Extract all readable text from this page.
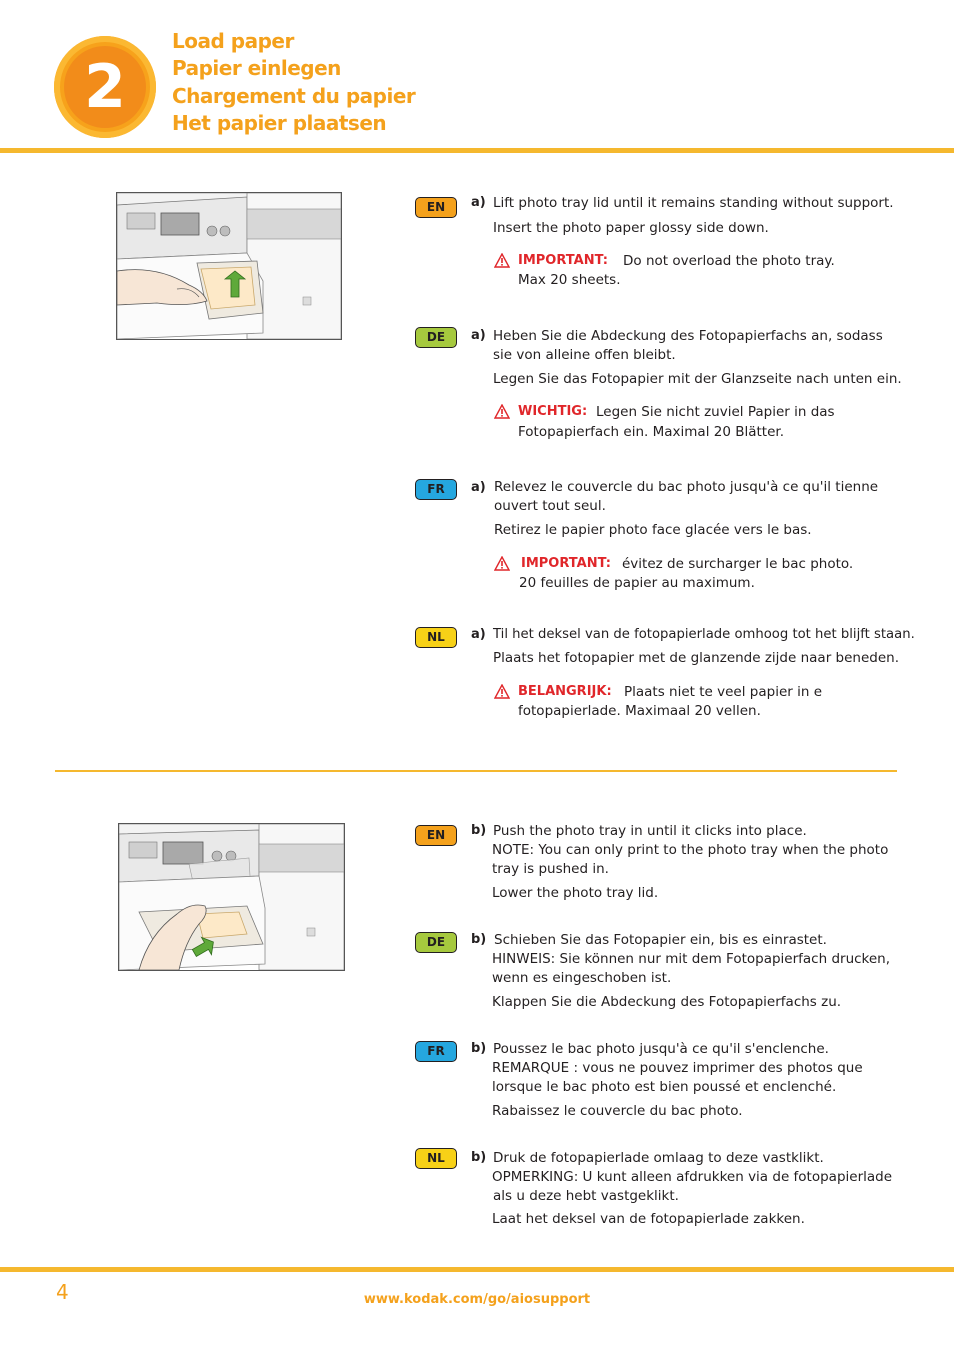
2
Load paper
Papier einlegen
Chargement du papier
Het papier plaatsen
EN	a) Lift photo tray lid until it remains standing without support.
Insert the photo paper glossy side down.
IMPORTANT: Do not overload the photo tray.
Max 20 sheets.
DE	a) Heben Sie die Abdeckung des Fotopapierfachs an, sodass
sie von alleine offen bleibt.
Legen Sie das Fotopapier mit der Glanzseite nach unten ein.
WICHTIG: Legen Sie nicht zuviel Papier in das
Fotopapierfach ein. Maximal 20 Blätter.
FR	a) Relevez le couvercle du bac photo jusqu'à ce qu'il tienne
ouvert tout seul.
Retirez le papier photo face glacée vers le bas.
IMPORTANT: évitez de surcharger le bac photo.
20 feuilles de papier au maximum.
NL	a) Til het deksel van de fotopapierlade omhoog tot het blijft staan.
Plaats het fotopapier met de glanzende zijde naar beneden.
BELANGRIJK: Plaats niet te veel papier in e
fotopapierlade. Maximaal 20 vellen.
EN	b) Push the photo tray in until it clicks into place.
NOTE: You can only print to the photo tray when the photo
tray is pushed in.
Lower the photo tray lid.
DE	b) Schieben Sie das Fotopapier ein, bis es einrastet.
HINWEIS: Sie können nur mit dem Fotopapierfach drucken,
wenn es eingeschoben ist.
Klappen Sie die Abdeckung des Fotopapierfachs zu.
FR	b) Poussez le bac photo jusqu'à ce qu'il s'enclenche.
REMARQUE : vous ne pouvez imprimer des photos que
lorsque le bac photo est bien poussé et enclenché.
Rabaissez le couvercle du bac photo.
NL	b) Druk de fotopapierlade omlaag to deze vastklikt.
OPMERKING: U kunt alleen afdrukken via de fotopapierlade
als u deze hebt vastgeklikt.
Laat het deksel van de fotopapierlade zakken.
4	www.kodak.com/go/aiosupport
